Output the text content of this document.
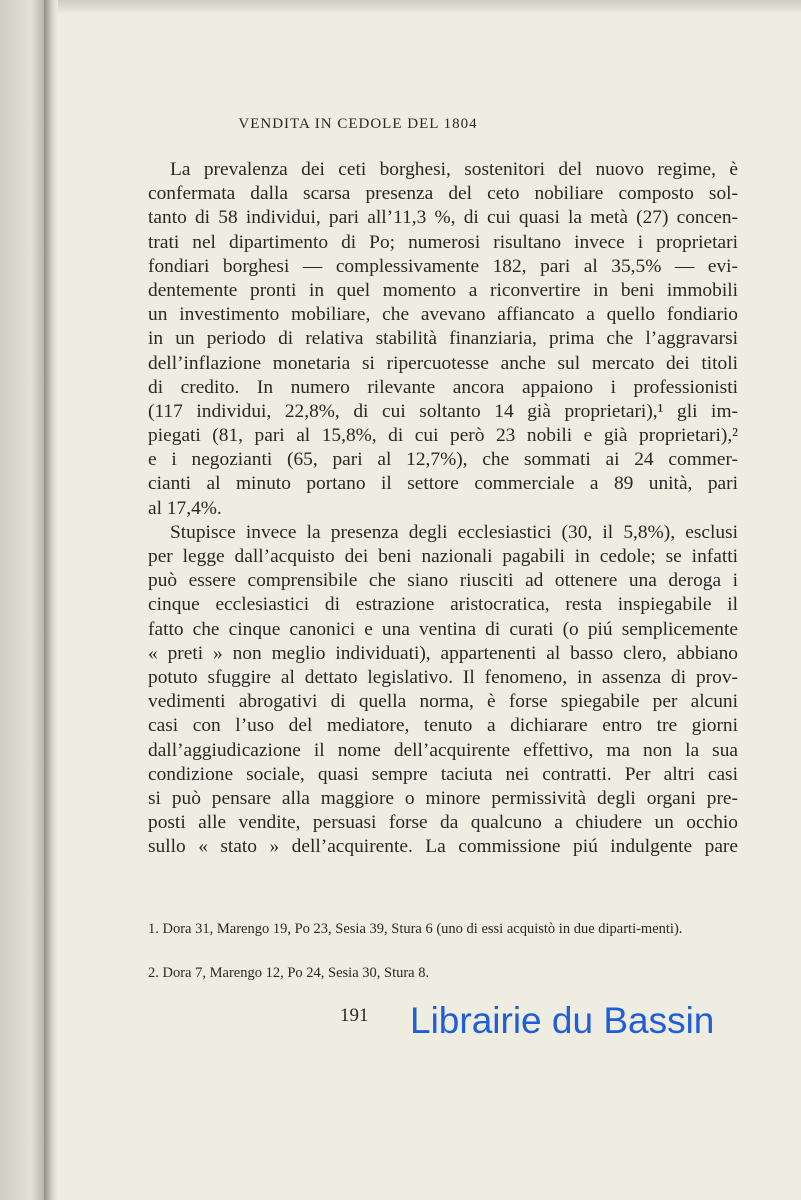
VENDITA IN CEDOLE DEL 1804
La prevalenza dei ceti borghesi, sostenitori del nuovo regime, è
confermata dalla scarsa presenza del ceto nobiliare composto sol-
tanto di 58 individui, pari all’11,3 %, di cui quasi la metà (27) concen-
trati nel dipartimento di Po; numerosi risultano invece i proprietari
fondiari borghesi — complessivamente 182, pari al 35,5% — evi-
dentemente pronti in quel momento a riconvertire in beni immobili
un investimento mobiliare, che avevano affiancato a quello fondiario
in un periodo di relativa stabilità finanziaria, prima che l’aggravarsi
dell’inflazione monetaria si ripercuotesse anche sul mercato dei titoli
di credito. In numero rilevante ancora appaiono i professionisti
(117 individui, 22,8%, di cui soltanto 14 già proprietari),¹ gli im-
piegati (81, pari al 15,8%, di cui però 23 nobili e già proprietari),²
e i negozianti (65, pari al 12,7%), che sommati ai 24 commer-
cianti al minuto portano il settore commerciale a 89 unità, pari
al 17,4%.
Stupisce invece la presenza degli ecclesiastici (30, il 5,8%), esclusi
per legge dall’acquisto dei beni nazionali pagabili in cedole; se infatti
può essere comprensibile che siano riusciti ad ottenere una deroga i
cinque ecclesiastici di estrazione aristocratica, resta inspiegabile il
fatto che cinque canonici e una ventina di curati (o piú semplicemente
« preti » non meglio individuati), appartenenti al basso clero, abbiano
potuto sfuggire al dettato legislativo. Il fenomeno, in assenza di prov-
vedimenti abrogativi di quella norma, è forse spiegabile per alcuni
casi con l’uso del mediatore, tenuto a dichiarare entro tre giorni
dall’aggiudicazione il nome dell’acquirente effettivo, ma non la sua
condizione sociale, quasi sempre taciuta nei contratti. Per altri casi
si può pensare alla maggiore o minore permissività degli organi pre-
posti alle vendite, persuasi forse da qualcuno a chiudere un occhio
sullo « stato » dell’acquirente. La commissione piú indulgente pare
1. Dora 31, Marengo 19, Po 23, Sesia 39, Stura 6 (uno di essi acquistò in due diparti-menti).
2. Dora 7, Marengo 12, Po 24, Sesia 30, Stura 8.
191 Librairie du Bassin
